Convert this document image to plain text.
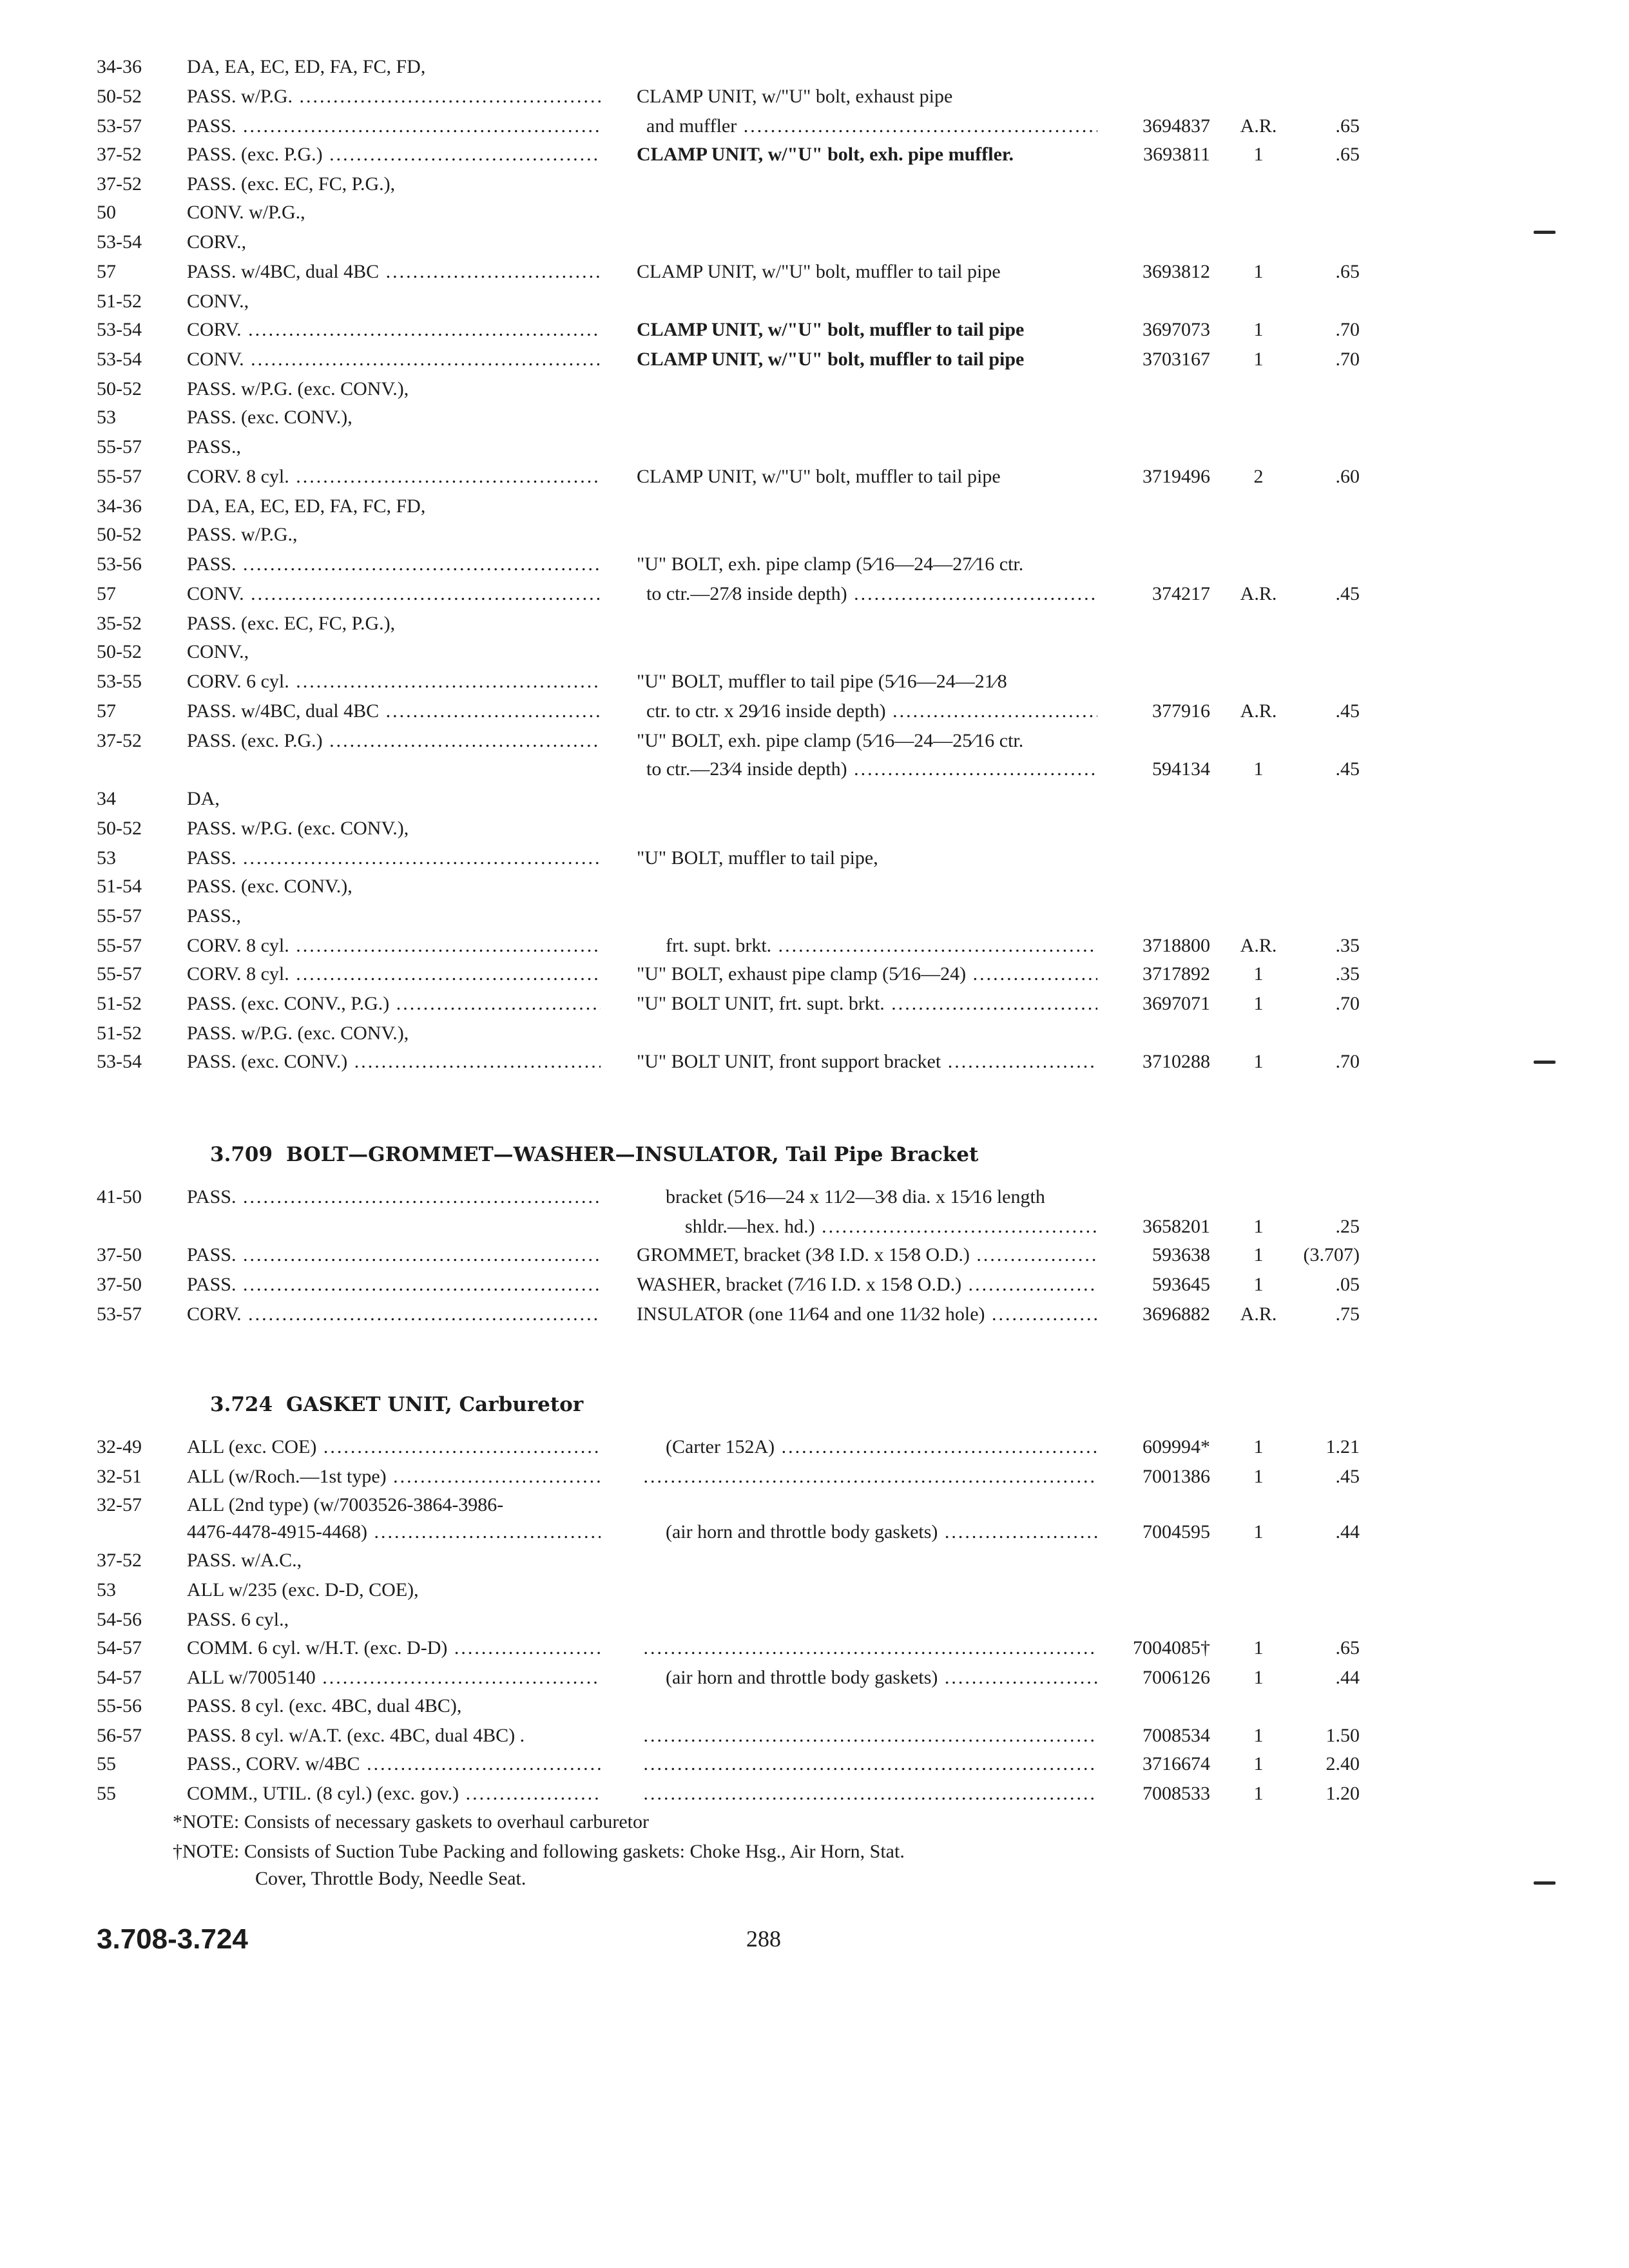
34-36 DA, EA, EC, ED, FA, FC, FD,
50-52 PASS. w/P.G. .....	CLAMP UNIT, w/"U" bolt, exhaust pipe
53-57 PASS. .....	and muffler .....	3694837	A.R.	.65
37-52 PASS. (exc. P.G.) .....	CLAMP UNIT, w/"U" bolt, exh. pipe muffler.	3693811	1	.65
37-52 PASS. (exc. EC, FC, P.G.),
50	CONV. w/P.G.,
53-54 CORV.,
57	PASS. w/4BC, dual 4BC .....	CLAMP UNIT, w/"U" bolt, muffler to tail pipe	3693812	1	.65
51-52 CONV.,
53-54 CORV. .....	CLAMP UNIT, w/"U" bolt, muffler to tail pipe	3697073	1	.70
53-54 CONV. .....	CLAMP UNIT, w/"U" bolt, muffler to tail pipe	3703167	1	.70
50-52 PASS. w/P.G. (exc. CONV.),
53	PASS. (exc. CONV.),
55-57 PASS.,
55-57 CORV. 8 cyl. .....	CLAMP UNIT, w/"U" bolt, muffler to tail pipe	3719496	2	.60
34-36 DA, EA, EC, ED, FA, FC, FD,
50-52 PASS. w/P.G.,
53-56 PASS. .....	"U" BOLT, exh. pipe clamp (5⁄16—24—27⁄16 ctr.
57	CONV. .....	to ctr.—27⁄8 inside depth) .....	374217	A.R.	.45
35-52 PASS. (exc. EC, FC, P.G.),
50-52 CONV.,
53-55 CORV. 6 cyl. .....	"U" BOLT, muffler to tail pipe (5⁄16—24—21⁄8
57	PASS. w/4BC, dual 4BC .....	ctr. to ctr. x 29⁄16 inside depth) .....	377916	A.R.	.45
37-52 PASS. (exc. P.G.) .....	"U" BOLT, exh. pipe clamp (5⁄16—24—25⁄16 ctr.
to ctr.—23⁄4 inside depth) .....	594134	1	.45
34	DA,
50-52 PASS. w/P.G. (exc. CONV.),
53	PASS. .....	"U" BOLT, muffler to tail pipe,
51-54 PASS. (exc. CONV.),
55-57 PASS.,
55-57 CORV. 8 cyl. .....	frt. supt. brkt. .....	3718800	A.R.	.35
55-57 CORV. 8 cyl. .....	"U" BOLT, exhaust pipe clamp (5⁄16—24) .....	3717892	1	.35
51-52 PASS. (exc. CONV., P.G.) .....	"U" BOLT UNIT, frt. supt. brkt. .....	3697071	1	.70
51-52 PASS. w/P.G. (exc. CONV.),
53-54 PASS. (exc. CONV.) .....	"U" BOLT UNIT, front support bracket .....	3710288	1	.70
41-50 PASS. .....	bracket (5⁄16—24 x 11⁄2—3⁄8 dia. x 15⁄16 length
shldr.—hex. hd.) .....	3658201	1	.25
37-50 PASS. .....	GROMMET, bracket (3⁄8 I.D. x 15⁄8 O.D.) .....	593638	1	(3.707)
37-50 PASS. .....	WASHER, bracket (7⁄16 I.D. x 15⁄8 O.D.) .....	593645	1	.05
53-57 CORV. .....	INSULATOR (one 11⁄64 and one 11⁄32 hole) .....	3696882	A.R.	.75
32-49 ALL (exc. COE) .....	(Carter 152A) .....	609994*	1	1.21
32-51 ALL (w/Roch.—1st type) ..... .....	7001386	1	.45
32-57 ALL (2nd type) (w/7003526-3864-3986-
4476-4478-4915-4468) .....	(air horn and throttle body gaskets) .....	7004595	1	.44
37-52 PASS. w/A.C.,
53	ALL w/235 (exc. D-D, COE),
54-56 PASS. 6 cyl.,
54-57 COMM. 6 cyl. w/H.T. (exc. D-D) ..... .....	7004085†	1	.65
54-57 ALL w/7005140 .....	(air horn and throttle body gaskets) .....	7006126	1	.44
55-56 PASS. 8 cyl. (exc. 4BC, dual 4BC),
56-57 PASS. 8 cyl. w/A.T. (exc. 4BC, dual 4BC) . .....	7008534	1	1.50
55	PASS., CORV. w/4BC ..... .....	3716674	1	2.40
55	COMM., UTIL. (8 cyl.) (exc. gov.) ..... .....	7008533	1	1.20
3.709 BOLT—GROMMET—WASHER—INSULATOR, Tail Pipe Bracket
3.724 GASKET UNIT, Carburetor
*NOTE: Consists of necessary gaskets to overhaul carburetor
†NOTE: Consists of Suction Tube Packing and following gaskets: Choke Hsg., Air Horn, Stat.
Cover, Throttle Body, Needle Seat.
3.708-3.724	288
